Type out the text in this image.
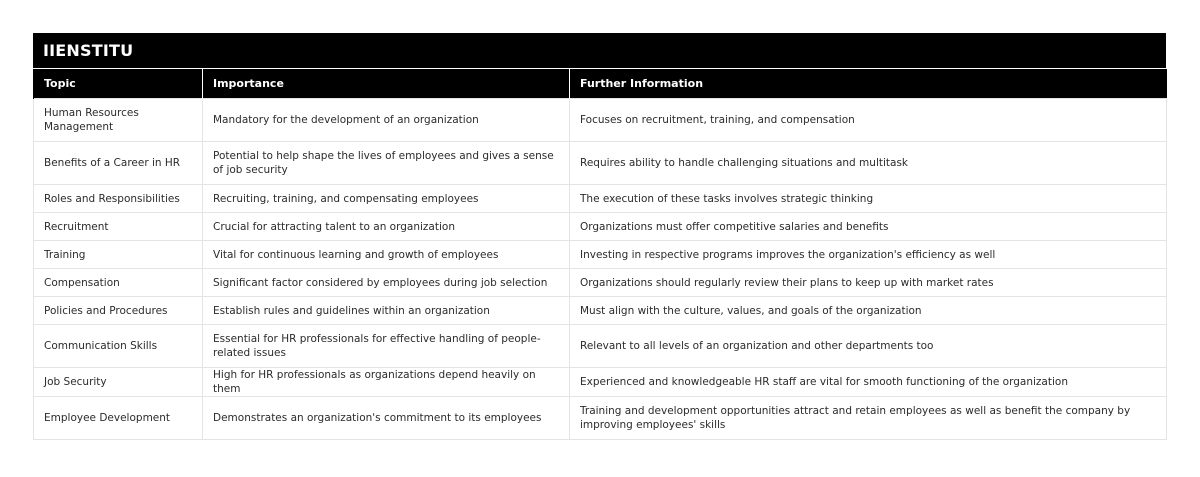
IIENSTITU
Topic	Importance	Further Information
Human Resources Management	Mandatory for the development of an organization	Focuses on recruitment, training, and compensation
Benefits of a Career in HR	Potential to help shape the lives of employees and gives a sense of job security	Requires ability to handle challenging situations and multitask
Roles and Responsibilities	Recruiting, training, and compensating employees	The execution of these tasks involves strategic thinking
Recruitment	Crucial for attracting talent to an organization	Organizations must offer competitive salaries and benefits
Training	Vital for continuous learning and growth of employees	Investing in respective programs improves the organization's efficiency as well
Compensation	Significant factor considered by employees during job selection	Organizations should regularly review their plans to keep up with market rates
Policies and Procedures	Establish rules and guidelines within an organization	Must align with the culture, values, and goals of the organization
Communication Skills	Essential for HR professionals for effective handling of people-related issues	Relevant to all levels of an organization and other departments too
Job Security	High for HR professionals as organizations depend heavily on them	Experienced and knowledgeable HR staff are vital for smooth functioning of the organization
Employee Development	Demonstrates an organization's commitment to its employees	Training and development opportunities attract and retain employees as well as benefit the company by improving employees' skills
